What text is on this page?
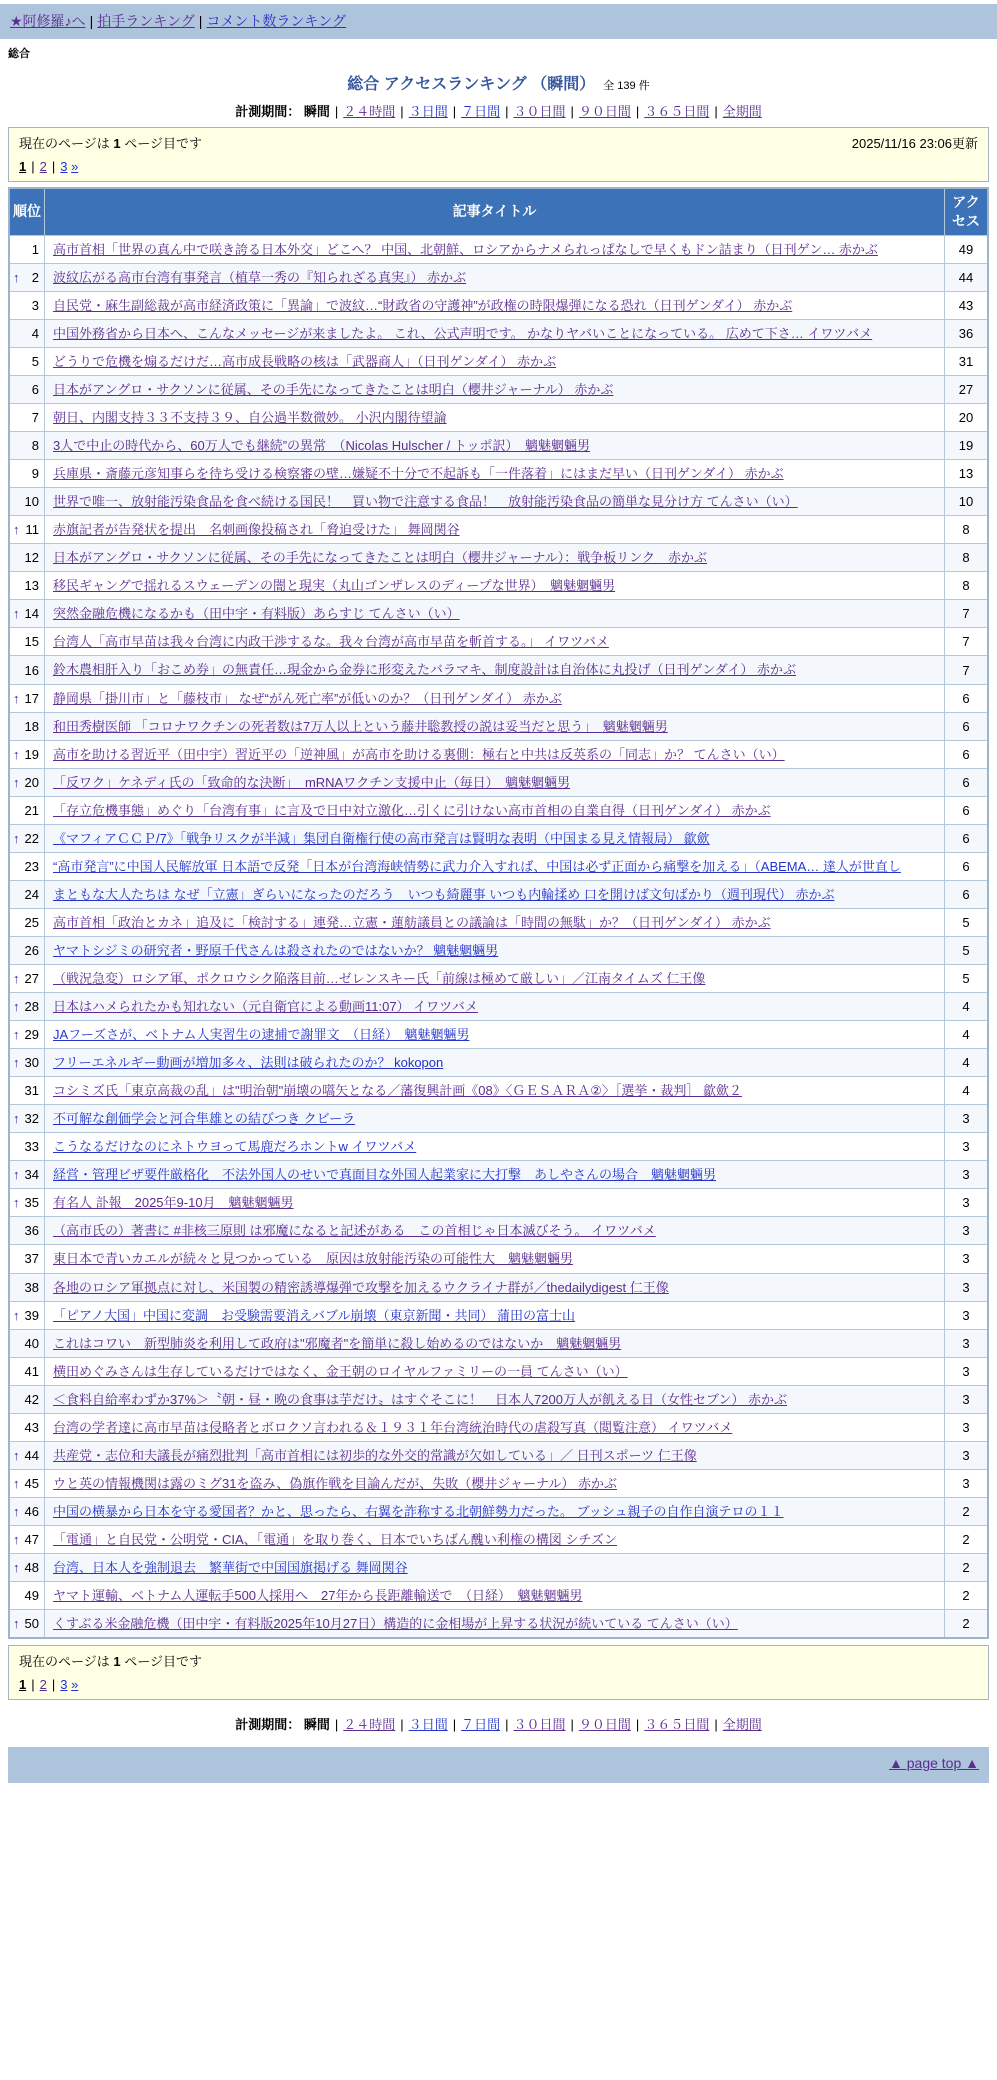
★阿修羅♪へ | 拍手ランキング | コメント数ランキング
総合
総合 アクセスランキング （瞬間） 全 139 件
計測期間： 瞬間 | ２４時間 | ３日間 | ７日間 | ３０日間 | ９０日間 | ３６５日間 | 全期間
現在のページは 1 ページ目です	2025/11/16 23:06更新
1 | 2 | 3 »
順位	記事タイトル	アクセス
1	高市首相「世界の真ん中で咲き誇る日本外交」どこへ？ 中国、北朝鮮、ロシアからナメられっぱなしで早くもドン詰まり（日刊ゲン… 赤かぶ	49

↑ 2	波紋広がる高市台湾有事発言（植草一秀の『知られざる真実』） 赤かぶ	44
3	自民党・麻生副総裁が高市経済政策に「異論」で波紋…“財政省の守護神”が政権の時限爆弾になる恐れ（日刊ゲンダイ） 赤かぶ	43
4	中国外務省から日本へ、こんなメッセージが来ましたよ。 これ、公式声明です。 かなりヤバいことになっている。 広めて下さ… イワツバメ	36
5	どうりで危機を煽るだけだ…高市成長戦略の核は「武器商人」（日刊ゲンダイ） 赤かぶ	31
6	日本がアングロ・サクソンに従属、その手先になってきたことは明白（櫻井ジャーナル） 赤かぶ	27
7	朝日、内閣支持３３不支持３９、自公過半数微妙。 小沢内閣待望論	20
8	3人で中止の時代から、60万人でも継続”の異常　（Nicolas Hulscher / トッポ訳）　魑魅魍魎男	19
9	兵庫県・斎藤元彦知事らを待ち受ける検察審の壁…嫌疑不十分で不起訴も「一件落着」にはまだ早い（日刊ゲンダイ） 赤かぶ	13
10	世界で唯一、放射能汚染食品を食べ続ける国民！　買い物で注意する食品！　放射能汚染食品の簡単な見分け方 てんさい（い）	10

↑ 11	赤旗記者が告発状を提出　名刺画像投稿され「脅迫受けた」 舞岡関谷	8
12	日本がアングロ・サクソンに従属、その手先になってきたことは明白（櫻井ジャーナル）：戦争板リンク　赤かぶ	8
13	移民ギャングで揺れるスウェーデンの闇と現実（丸山ゴンザレスのディープな世界）　魑魅魍魎男	8

↑ 14	突然金融危機になるかも（田中宇・有料版）あらすじ てんさい（い）	7
15	台湾人「高市早苗は我々台湾に内政干渉するな。我々台湾が高市早苗を斬首する。」 イワツバメ	7
16	鈴木農相肝入り「おこめ券」の無責任…現金から金券に形変えたバラマキ、制度設計は自治体に丸投げ（日刊ゲンダイ） 赤かぶ	7

↑ 17	静岡県「掛川市」と「藤枝市」 なぜ“がん死亡率”が低いのか？（日刊ゲンダイ） 赤かぶ	6
18	和田秀樹医師 「コロナワクチンの死者数は7万人以上という藤井聡教授の説は妥当だと思う」　魑魅魍魎男	6

↑ 19	高市を助ける習近平（田中宇）習近平の「逆神風」が高市を助ける裏側：極右と中共は反英系の「同志」か？ てんさい（い）	6

↑ 20	「反ワク」ケネディ氏の「致命的な決断」　mRNAワクチン支援中止（毎日）　魑魅魍魎男	6
21	「存立危機事態」めぐり「台湾有事」に言及で日中対立激化…引くに引けない高市首相の自業自得（日刊ゲンダイ） 赤かぶ	6

↑ 22	《マフィアＣＣＰ/7》「戦争リスクが半減」集団自衛権行使の高市発言は賢明な表明（中国まる見え情報局） 歙歛	6
23	“高市発言”に中国人民解放軍 日本語で反発「日本が台湾海峡情勢に武力介入すれば、中国は必ず正面から痛撃を加える」（ABEMA… 達人が世直し	6
24	まともな大人たちは なぜ「立憲」ぎらいになったのだろう　いつも綺麗事 いつも内輪揉め 口を開けば文句ばかり（週刊現代） 赤かぶ	6
25	高市首相「政治とカネ」追及に「検討する」連発…立憲・蓮舫議員との議論は「時間の無駄」か？（日刊ゲンダイ） 赤かぶ	5
26	ヤマトシジミの研究者・野原千代さんは殺されたのではないか？ 魑魅魍魎男	5

↑ 27	（戦況急変）ロシア軍、ポクロウシク陥落目前…ゼレンスキー氏「前線は極めて厳しい」／江南タイムズ 仁王像	5

↑ 28	日本はハメられたかも知れない（元自衛官による動画11:07） イワツバメ	4

↑ 29	JAフーズさが、ベトナム人実習生の逮捕で謝罪文　（日経）　魑魅魍魎男	4

↑ 30	フリーエネルギー動画が増加多々、法則は破られたのか？ kokopon	4
31	コシミズ氏「東京高裁の乱」は"明治朝"崩壊の嚆矢となる／藩復興計画《08》〈ＧＥＳＡＲＡ②〉［選挙・裁判］ 歙歛２	4

↑ 32	不可解な創価学会と河合隼雄との結びつき クビーラ	3
33	こうなるだけなのにネトウヨって馬鹿だろホントw イワツバメ	3

↑ 34	経営・管理ビザ要件厳格化　不法外国人のせいで真面目な外国人起業家に大打撃　あしやさんの場合　魑魅魍魎男	3

↑ 35	有名人 訃報　2025年9-10月　魑魅魍魎男	3
36	（高市氏の）著書に #非核三原則 は邪魔になると記述がある　この首相じゃ日本滅びそう。 イワツバメ	3
37	東日本で青いカエルが続々と見つかっている　原因は放射能汚染の可能性大　魑魅魍魎男	3
38	各地のロシア軍拠点に対し、米国製の精密誘導爆弾で攻撃を加えるウクライナ群が／thedailydigest 仁王像	3

↑ 39	「ピアノ大国」中国に変調　お受験需要消えバブル崩壊（東京新聞・共同） 蒲田の富士山	3
40	これはコワい　新型肺炎を利用して政府は"邪魔者"を簡単に殺し始めるのではないか　魑魅魍魎男	3
41	横田めぐみさんは生存しているだけではなく、金王朝のロイヤルファミリーの一員 てんさい（い）	3
42	＜食料自給率わずか37%＞〝朝・昼・晩の食事は芋だけ〟はすぐそこに！　日本人7200万人が飢える日（女性セブン） 赤かぶ	3
43	台湾の学者達に高市早苗は侵略者とボロクソ言われる＆１９３１年台湾統治時代の虐殺写真（閲覧注意） イワツバメ	3

↑ 44	共産党・志位和夫議長が痛烈批判「高市首相には初歩的な外交的常識が欠如している」／ 日刊スポーツ 仁王像	3

↑ 45	ウと英の情報機関は露のミグ31を盗み、偽旗作戦を目論んだが、失敗（櫻井ジャーナル） 赤かぶ	3

↑ 46	中国の横暴から日本を守る愛国者？かと、思ったら、右翼を詐称する北朝鮮勢力だった。 ブッシュ親子の自作自演テロの１１	2

↑ 47	「電通」と自民党・公明党・CIA、「電通」を取り巻く、日本でいちばん醜い利権の構図 シチズン	2

↑ 48	台湾、日本人を強制退去　繁華街で中国国旗掲げる 舞岡関谷	2
49	ヤマト運輸、ベトナム人運転手500人採用へ　27年から長距離輸送で　（日経）　魑魅魍魎男	2

↑ 50	くすぶる米金融危機（田中宇・有料版2025年10月27日）構造的に金相場が上昇する状況が続いている てんさい（い）	2
現在のページは 1 ページ目です
1 | 2 | 3 »
計測期間： 瞬間 | ２４時間 | ３日間 | ７日間 | ３０日間 | ９０日間 | ３６５日間 | 全期間
▲ page top ▲
